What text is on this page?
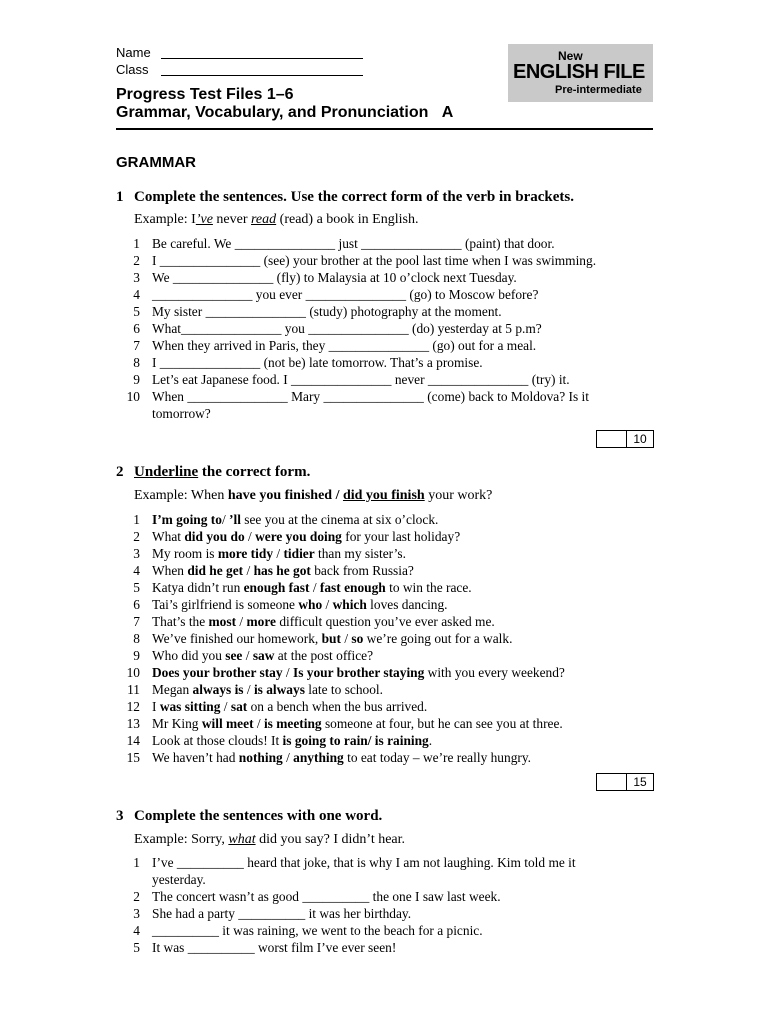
Name
Class
New
ENGLISH FILE
Pre-intermediate
Progress Test Files 1–6
Grammar, Vocabulary, and Pronunciation A
GRAMMAR
1 Complete the sentences. Use the correct form of the verb in brackets.
Example: I’ve never read (read) a book in English.
1 Be careful. We _______________ just _______________ (paint) that door.
2 I _______________ (see) your brother at the pool last time when I was swimming.
3 We _______________ (fly) to Malaysia at 10 o’clock next Tuesday.
4 _______________ you ever _______________ (go) to Moscow before?
5 My sister _______________ (study) photography at the moment.
6 What_______________ you _______________ (do) yesterday at 5 p.m?
7 When they arrived in Paris, they _______________ (go) out for a meal.
8 I _______________ (not be) late tomorrow. That’s a promise.
9 Let’s eat Japanese food. I _______________ never _______________ (try) it.
10 When _______________ Mary _______________ (come) back to Moldova? Is it tomorrow?
10
2 Underline the correct form.
Example: When have you finished / did you finish your work?
1 I’m going to/ ’ll see you at the cinema at six o’clock.
2 What did you do / were you doing for your last holiday?
3 My room is more tidy / tidier than my sister’s.
4 When did he get / has he got back from Russia?
5 Katya didn’t run enough fast / fast enough to win the race.
6 Tai’s girlfriend is someone who / which loves dancing.
7 That’s the most / more difficult question you’ve ever asked me.
8 We’ve finished our homework, but / so we’re going out for a walk.
9 Who did you see / saw at the post office?
10 Does your brother stay / Is your brother staying with you every weekend?
11 Megan always is / is always late to school.
12 I was sitting / sat on a bench when the bus arrived.
13 Mr King will meet / is meeting someone at four, but he can see you at three.
14 Look at those clouds! It is going to rain/ is raining.
15 We haven’t had nothing / anything to eat today – we’re really hungry.
15
3 Complete the sentences with one word.
Example: Sorry, what did you say? I didn’t hear.
1 I’ve __________ heard that joke, that is why I am not laughing. Kim told me it yesterday.
2 The concert wasn’t as good __________ the one I saw last week.
3 She had a party __________ it was her birthday.
4 __________ it was raining, we went to the beach for a picnic.
5 It was __________ worst film I’ve ever seen!
